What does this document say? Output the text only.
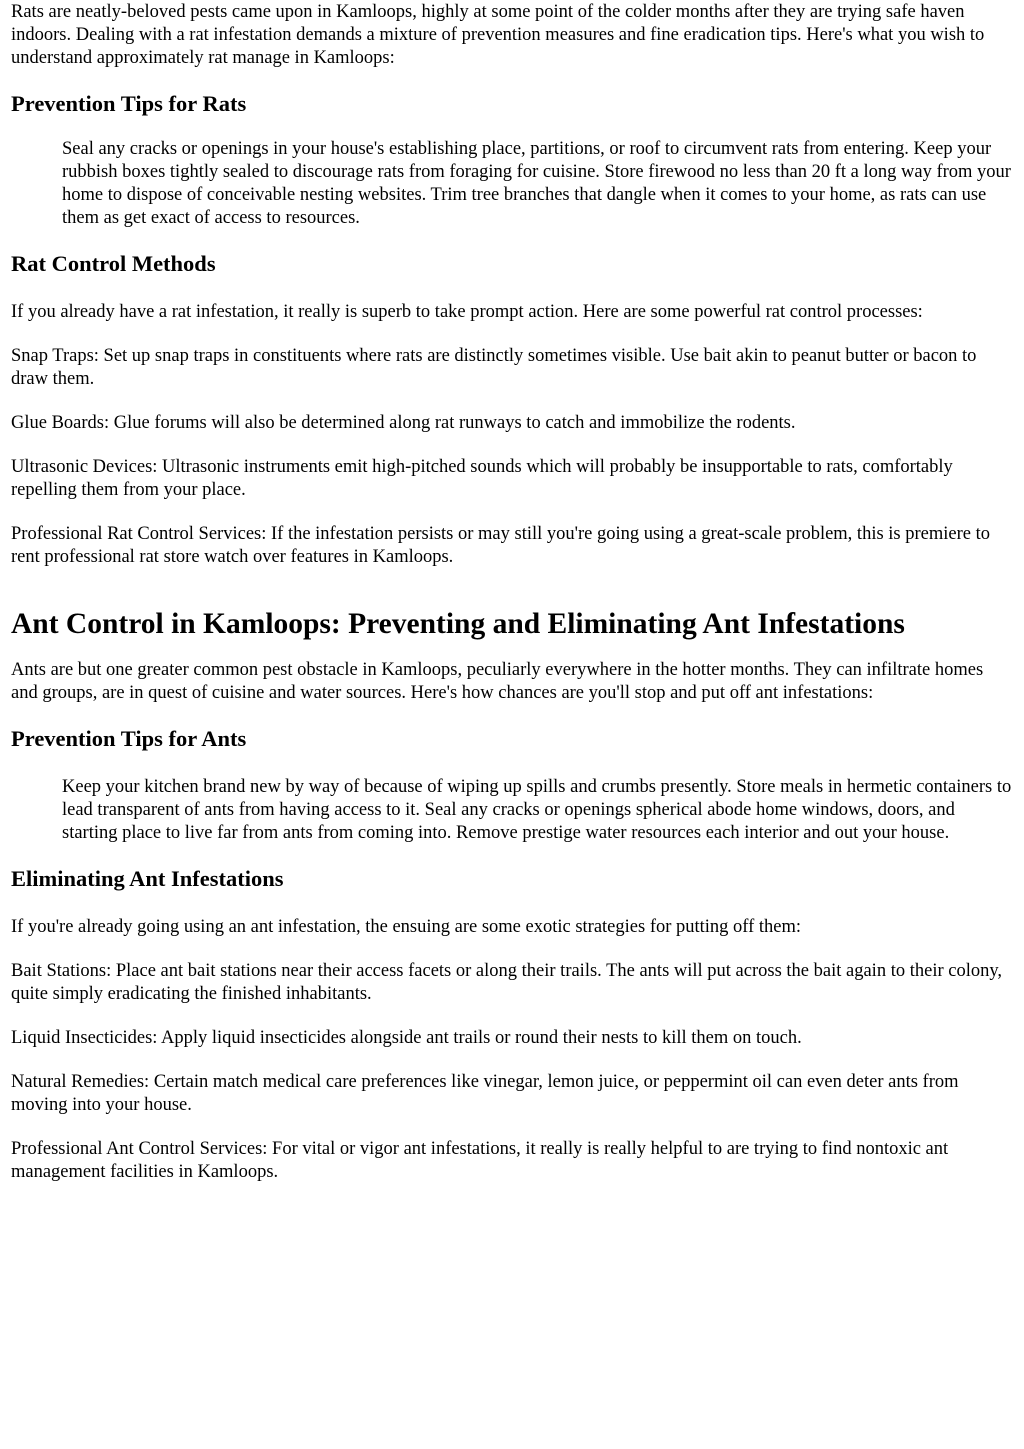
Rats are neatly-beloved pests came upon in Kamloops, highly at some point of the colder months after they are trying safe haven indoors. Dealing with a rat infestation demands a mixture of prevention measures and fine eradication tips. Here's what you wish to understand approximately rat manage in Kamloops:

Prevention Tips for Rats
Seal any cracks or openings in your house's establishing place, partitions, or roof to circumvent rats from entering. Keep your rubbish boxes tightly sealed to discourage rats from foraging for cuisine. Store firewood no less than 20 ft a long way from your home to dispose of conceivable nesting websites. Trim tree branches that dangle when it comes to your home, as rats can use them as get exact of access to resources.
Rat Control Methods

If you already have a rat infestation, it really is superb to take prompt action. Here are some powerful rat control processes:

Snap Traps: Set up snap traps in constituents where rats are distinctly sometimes visible. Use bait akin to peanut butter or bacon to draw them.

Glue Boards: Glue forums will also be determined along rat runways to catch and immobilize the rodents.

Ultrasonic Devices: Ultrasonic instruments emit high-pitched sounds which will probably be insupportable to rats, comfortably repelling them from your place.

Professional Rat Control Services: If the infestation persists or may still you're going using a great-scale problem, this is premiere to rent professional rat store watch over features in Kamloops.

Ant Control in Kamloops: Preventing and Eliminating Ant Infestations

Ants are but one greater common pest obstacle in Kamloops, peculiarly everywhere in the hotter months. They can infiltrate homes and groups, are in quest of cuisine and water sources. Here's how chances are you'll stop and put off ant infestations:

Prevention Tips for Ants
Keep your kitchen brand new by way of because of wiping up spills and crumbs presently. Store meals in hermetic containers to lead transparent of ants from having access to it. Seal any cracks or openings spherical abode home windows, doors, and starting place to live far from ants from coming into. Remove prestige water resources each interior and out your house.
Eliminating Ant Infestations

If you're already going using an ant infestation, the ensuing are some exotic strategies for putting off them:

Bait Stations: Place ant bait stations near their access facets or along their trails. The ants will put across the bait again to their colony, quite simply eradicating the finished inhabitants.

Liquid Insecticides: Apply liquid insecticides alongside ant trails or round their nests to kill them on touch.

Natural Remedies: Certain match medical care preferences like vinegar, lemon juice, or peppermint oil can even deter ants from moving into your house.

Professional Ant Control Services: For vital or vigor ant infestations, it really is really helpful to are trying to find nontoxic ant management facilities in Kamloops.
